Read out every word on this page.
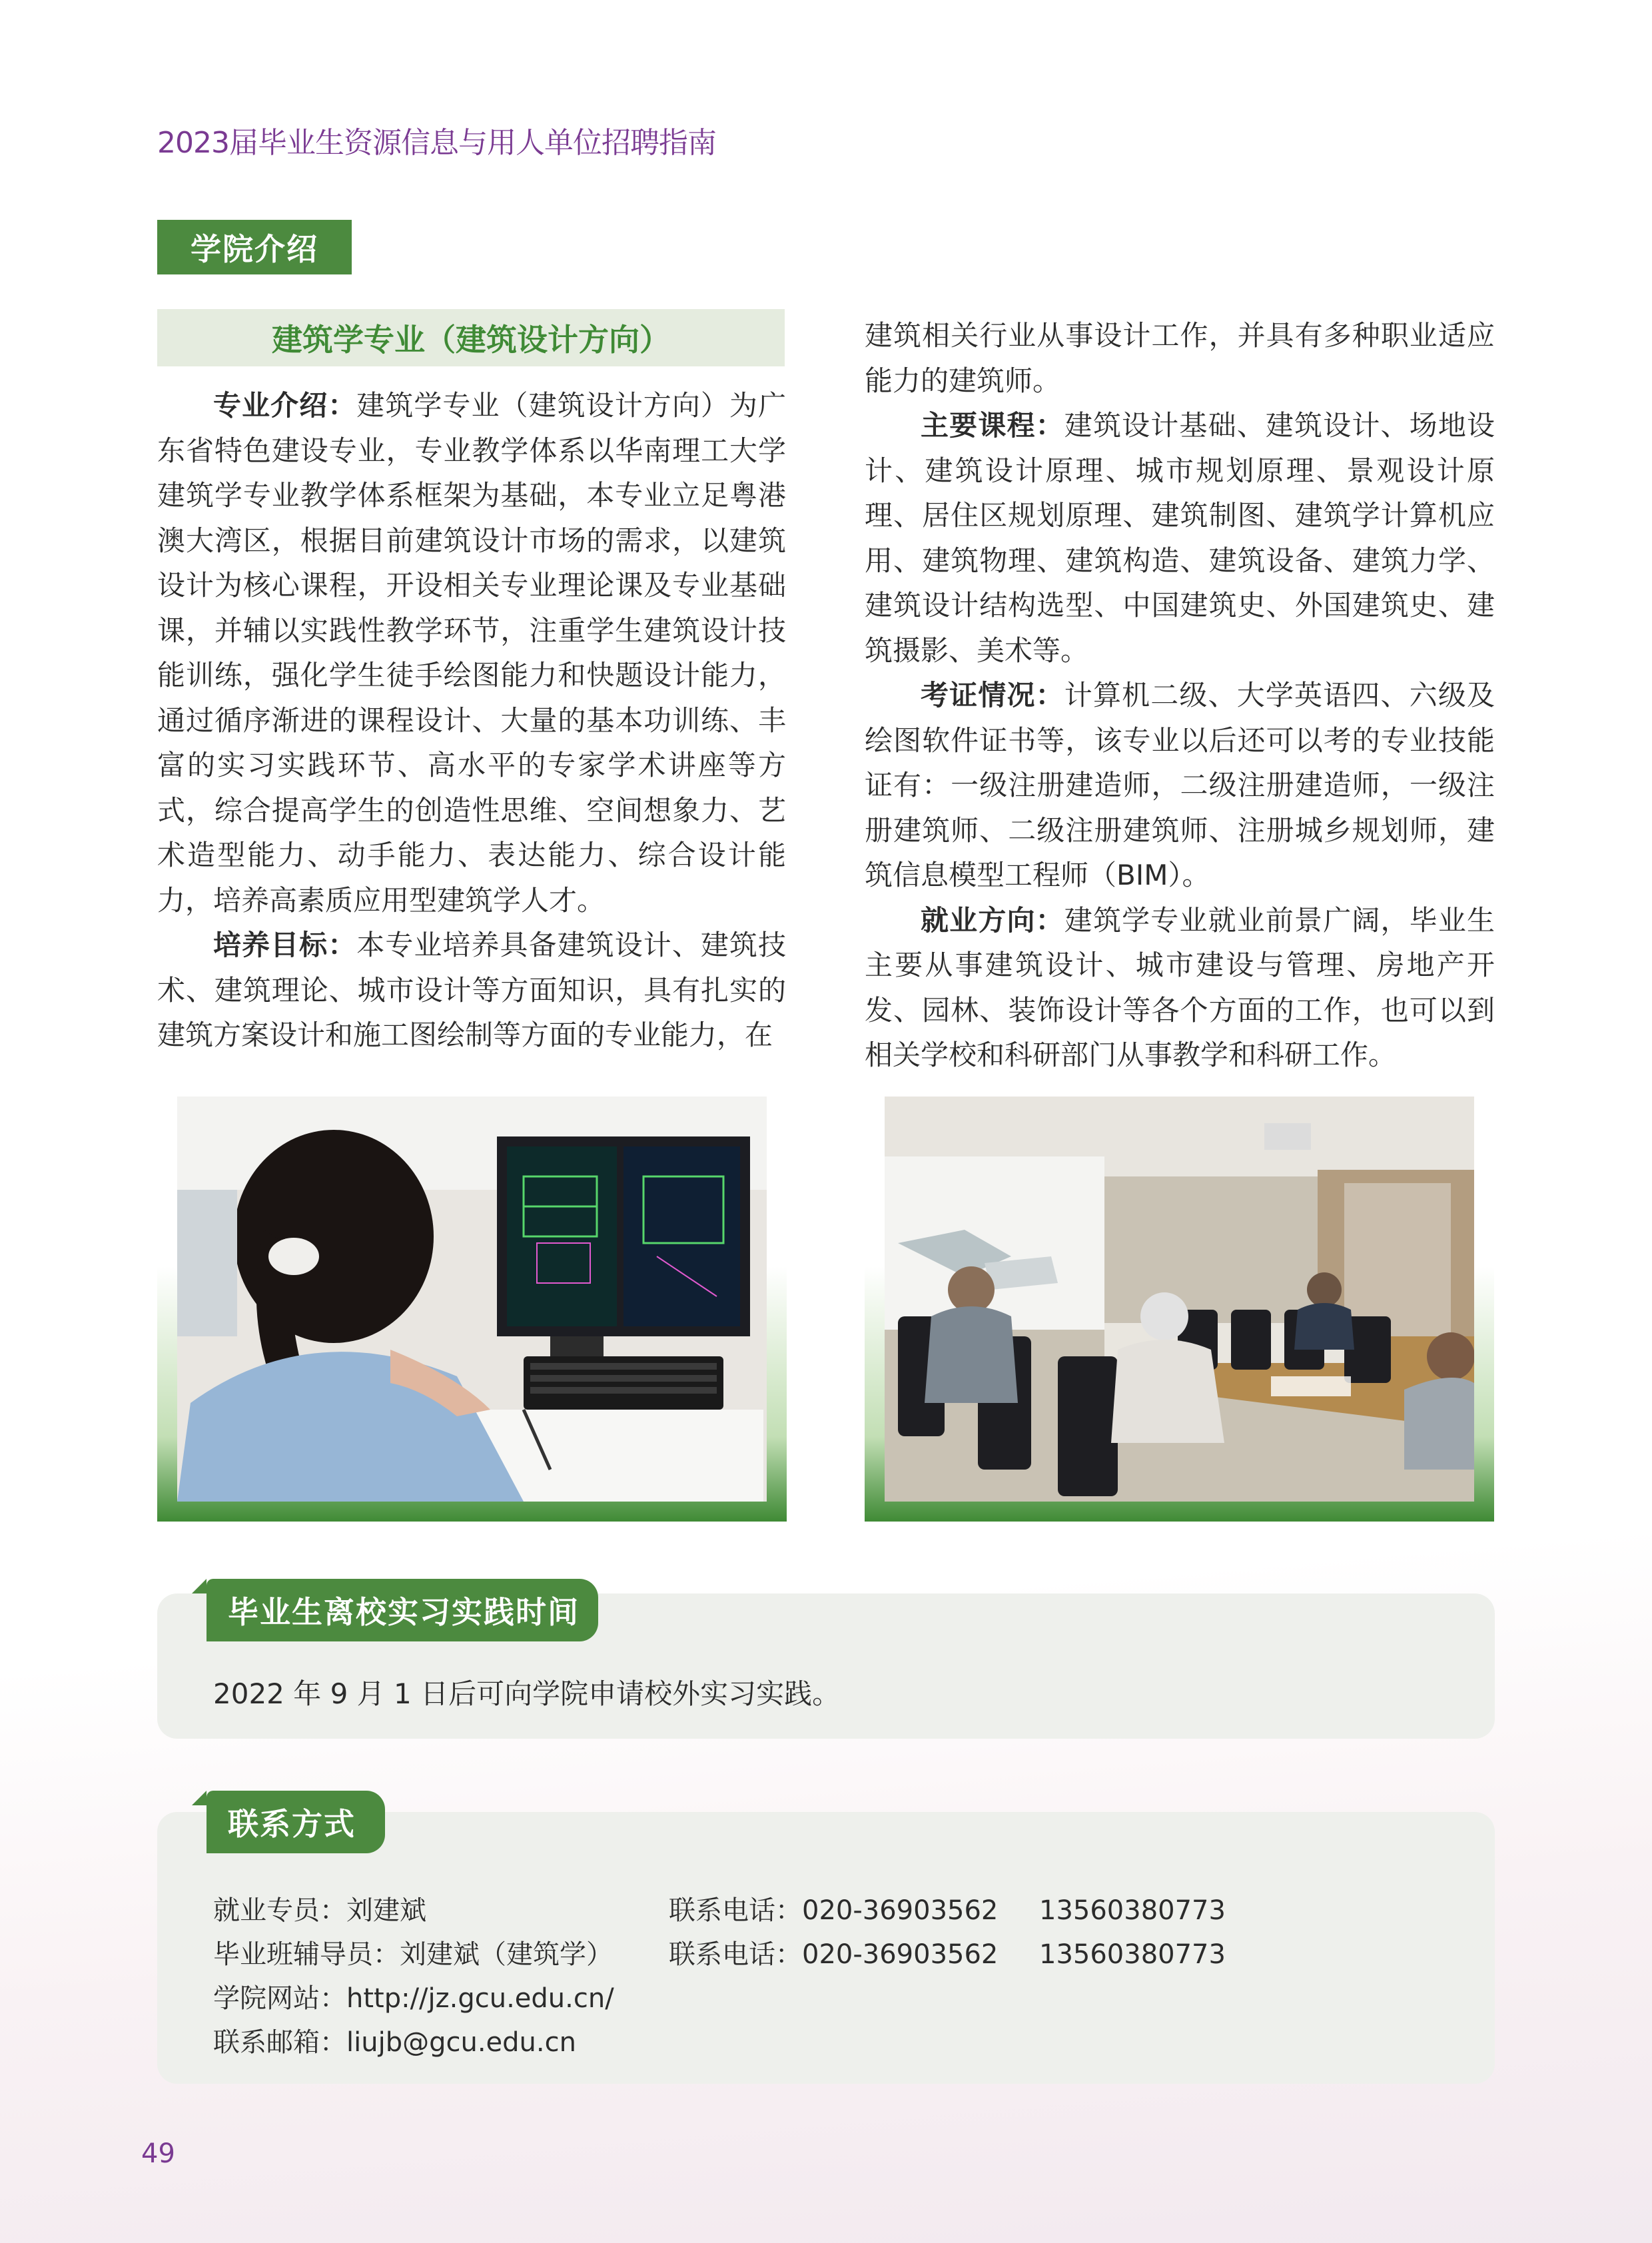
2023届毕业生资源信息与用人单位招聘指南
学院介绍
建筑学专业（建筑设计方向）

专业介绍：建筑学专业（建筑设计方向）为广东省特色建设专业，专业教学体系以华南理工大学建筑学专业教学体系框架为基础，本专业立足粤港澳大湾区，根据目前建筑设计市场的需求，以建筑设计为核心课程，开设相关专业理论课及专业基础课，并辅以实践性教学环节，注重学生建筑设计技能训练，强化学生徒手绘图能力和快题设计能力，通过循序渐进的课程设计、大量的基本功训练、丰富的实习实践环节、高水平的专家学术讲座等方式，综合提高学生的创造性思维、空间想象力、艺术造型能力、动手能力、表达能力、综合设计能力，培养高素质应用型建筑学人才。

培养目标：本专业培养具备建筑设计、建筑技术、建筑理论、城市设计等方面知识，具有扎实的建筑方案设计和施工图绘制等方面的专业能力，在

建筑相关行业从事设计工作，并具有多种职业适应能力的建筑师。

主要课程：建筑设计基础、建筑设计、场地设计、建筑设计原理、城市规划原理、景观设计原理、居住区规划原理、建筑制图、建筑学计算机应用、建筑物理、建筑构造、建筑设备、建筑力学、建筑设计结构选型、中国建筑史、外国建筑史、建筑摄影、美术等。

考证情况：计算机二级、大学英语四、六级及绘图软件证书等，该专业以后还可以考的专业技能证有：一级注册建造师，二级注册建造师，一级注册建筑师、二级注册建筑师、注册城乡规划师，建筑信息模型工程师（BIM）。

就业方向：建筑学专业就业前景广阔，毕业生主要从事建筑设计、城市建设与管理、房地产开发、园林、装饰设计等各个方面的工作，也可以到相关学校和科研部门从事教学和科研工作。

毕业生离校实习实践时间
2022 年 9 月 1 日后可向学院申请校外实习实践。
联系方式
就业专员：刘建斌
毕业班辅导员：刘建斌（建筑学）
学院网站：http://jz.gcu.edu.cn/
联系邮箱：liujb@gcu.edu.cn
联系电话：020-36903562
联系电话：020-36903562
13560380773
13560380773
49
